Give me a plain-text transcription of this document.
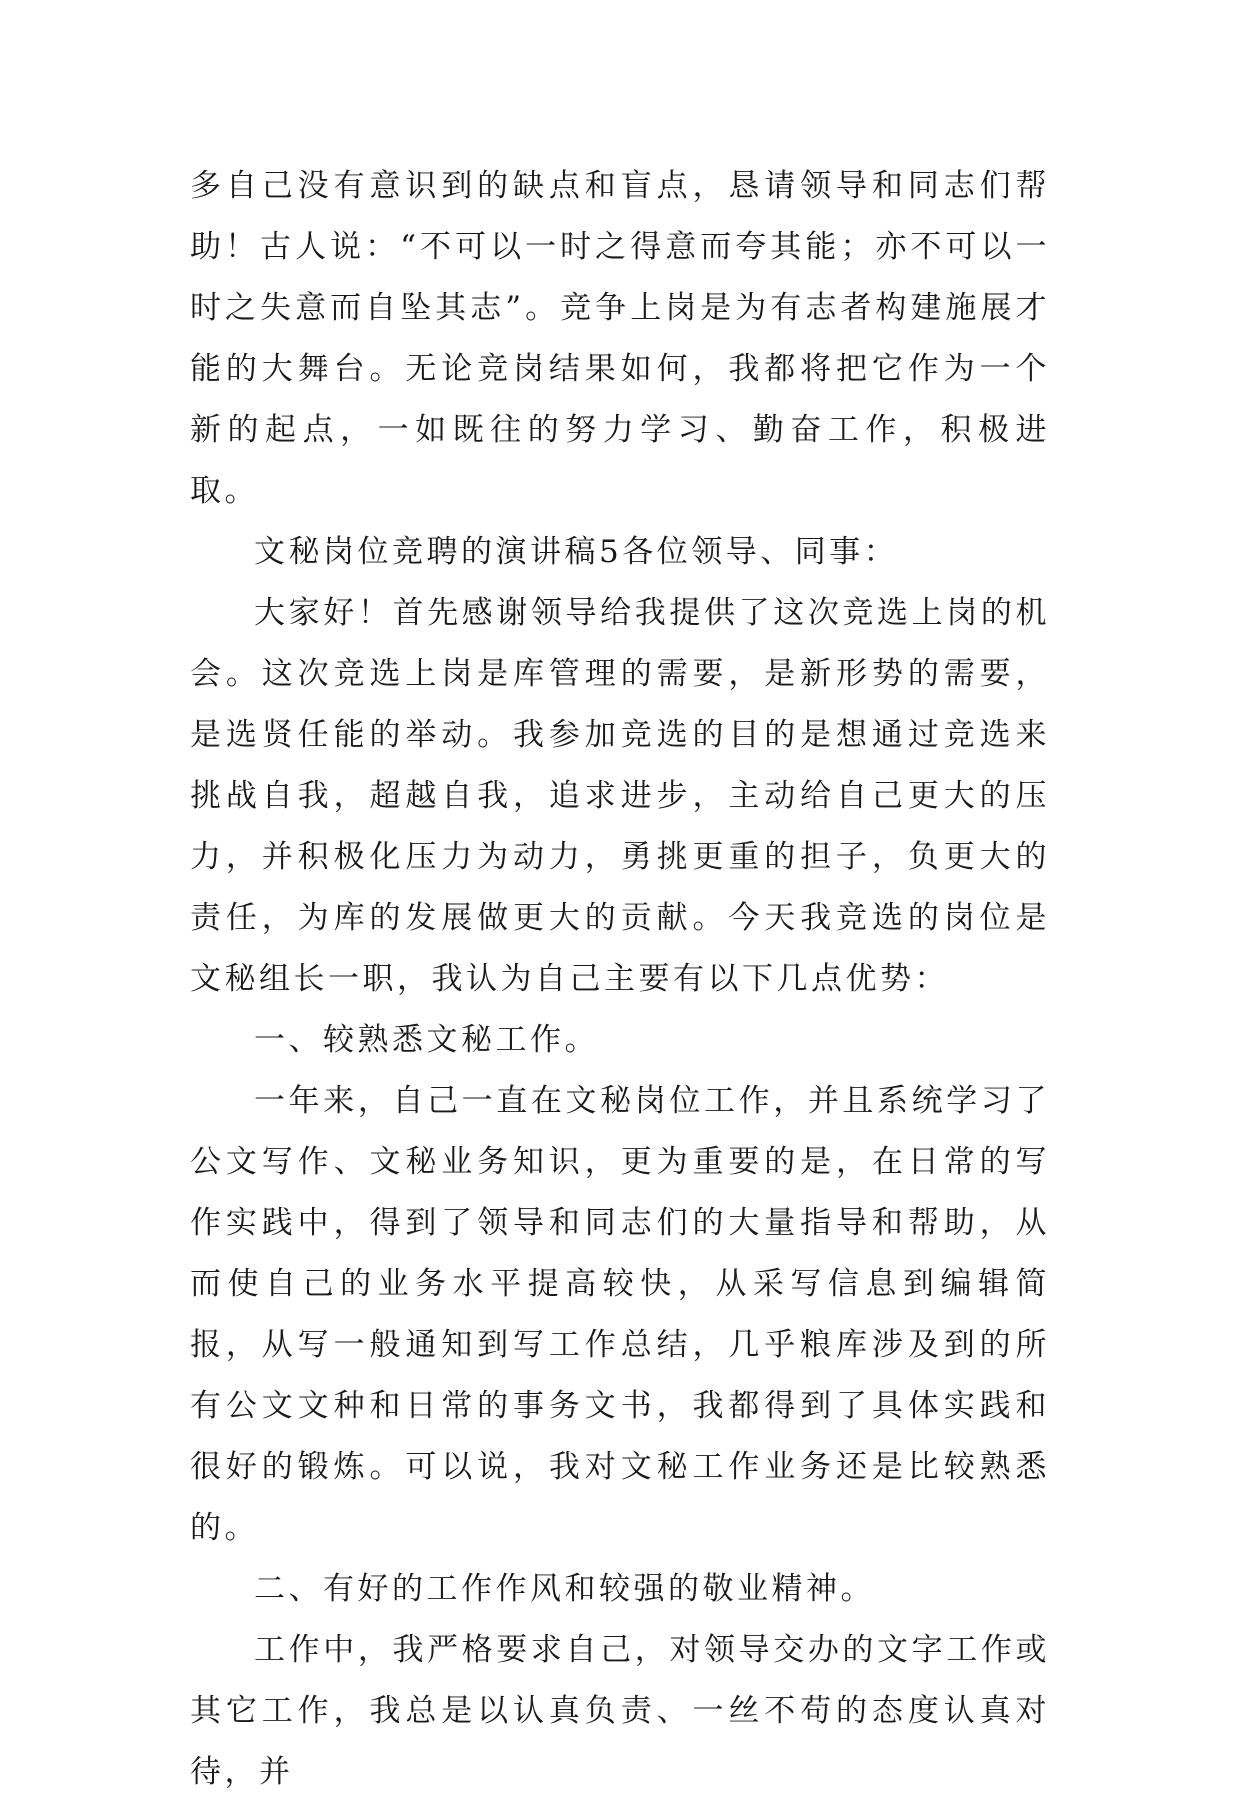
多自己没有意识到的缺点和盲点，恳请领导和同志们帮助！古人说：“不可以一时之得意而夸其能；亦不可以一时之失意而自坠其志”。竞争上岗是为有志者构建施展才能的大舞台。无论竞岗结果如何，我都将把它作为一个新的起点，一如既往的努力学习、勤奋工作，积极进取。

文秘岗位竞聘的演讲稿5各位领导、同事：

大家好！首先感谢领导给我提供了这次竞选上岗的机会。这次竞选上岗是库管理的需要，是新形势的需要，是选贤任能的举动。我参加竞选的目的是想通过竞选来挑战自我，超越自我，追求进步，主动给自己更大的压力，并积极化压力为动力，勇挑更重的担子，负更大的责任，为库的发展做更大的贡献。今天我竞选的岗位是文秘组长一职，我认为自己主要有以下几点优势：

一、较熟悉文秘工作。

一年来，自己一直在文秘岗位工作，并且系统学习了公文写作、文秘业务知识，更为重要的是，在日常的写作实践中，得到了领导和同志们的大量指导和帮助，从而使自己的业务水平提高较快，从采写信息到编辑简报，从写一般通知到写工作总结，几乎粮库涉及到的所有公文文种和日常的事务文书，我都得到了具体实践和很好的锻炼。可以说，我对文秘工作业务还是比较熟悉的。

二、有好的工作作风和较强的敬业精神。

工作中，我严格要求自己，对领导交办的文字工作或其它工作，我总是以认真负责、一丝不苟的态度认真对待，并
